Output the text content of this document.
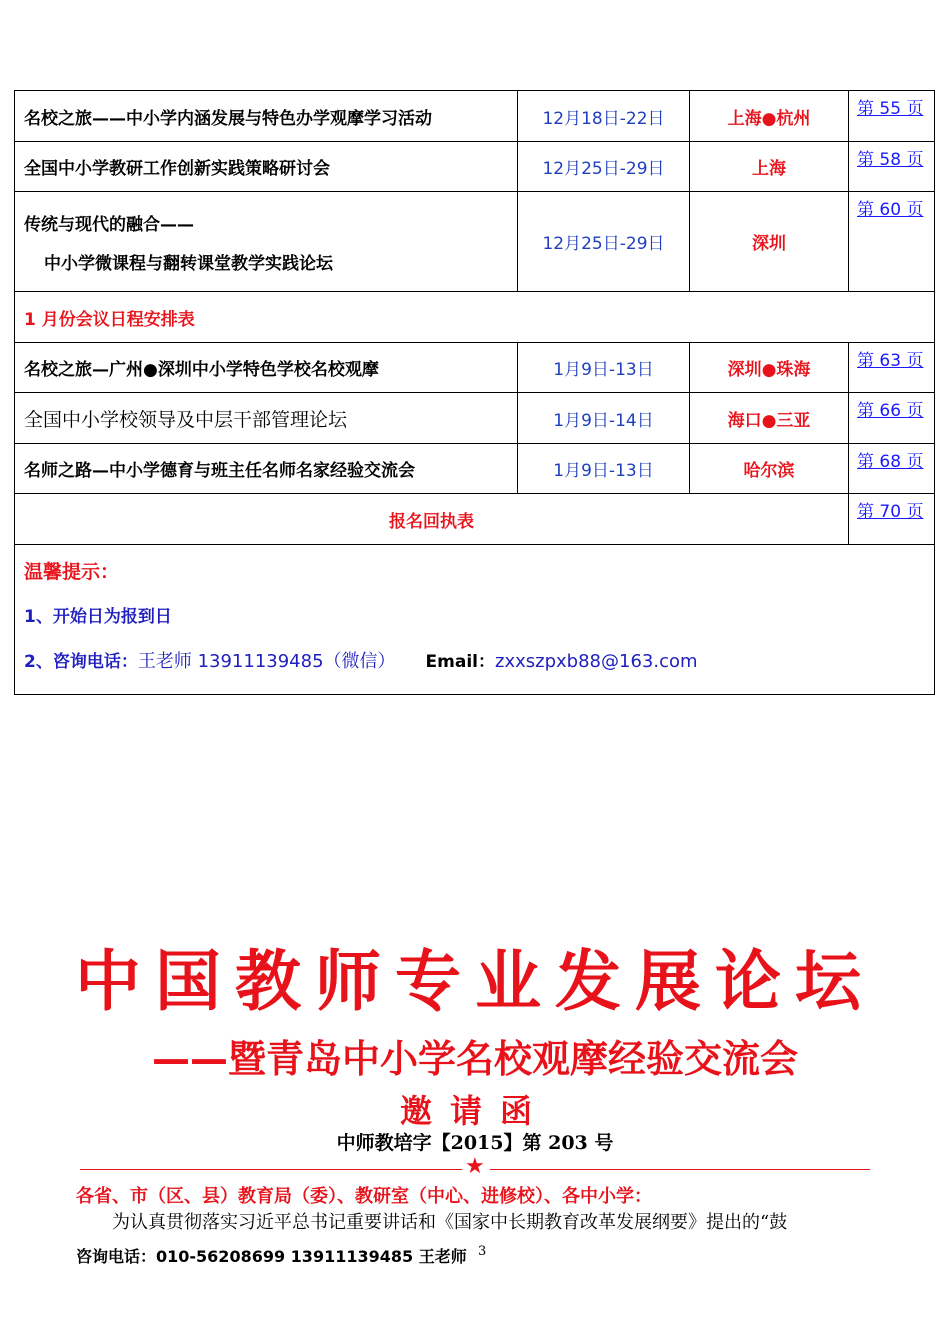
名校之旅——中小学内涵发展与特色办学观摩学习活动	12月18日-22日	上海●杭州	第 55 页
全国中小学教研工作创新实践策略研讨会	12月25日-29日	上海	第 58 页
传统与现代的融合——
中小学微课程与翻转课堂教学实践论坛	12月25日-29日	深圳	第 60 页
1 月份会议日程安排表			
名校之旅—广州●深圳中小学特色学校名校观摩	1月9日-13日	深圳●珠海	第 63 页
全国中小学校领导及中层干部管理论坛	1月9日-14日	海口●三亚	第 66 页
名师之路—中小学德育与班主任名师名家经验交流会	1月9日-13日	哈尔滨	第 68 页
报名回执表			第 70 页

温馨提示：
1、开始日为报到日
2、咨询电话：王老师 13911139485（微信） Email：zxxszpxb88@163.com			
中国教师专业发展论坛
——暨青岛中小学名校观摩经验交流会
邀请函
中师教培字【2015】第 203 号
★
各省、市（区、县）教育局（委）、教研室（中心、进修校）、各中小学：
为认真贯彻落实习近平总书记重要讲话和《国家中长期教育改革发展纲要》提出的“鼓
咨询电话：010-56208699 13911139485 王老师 3
